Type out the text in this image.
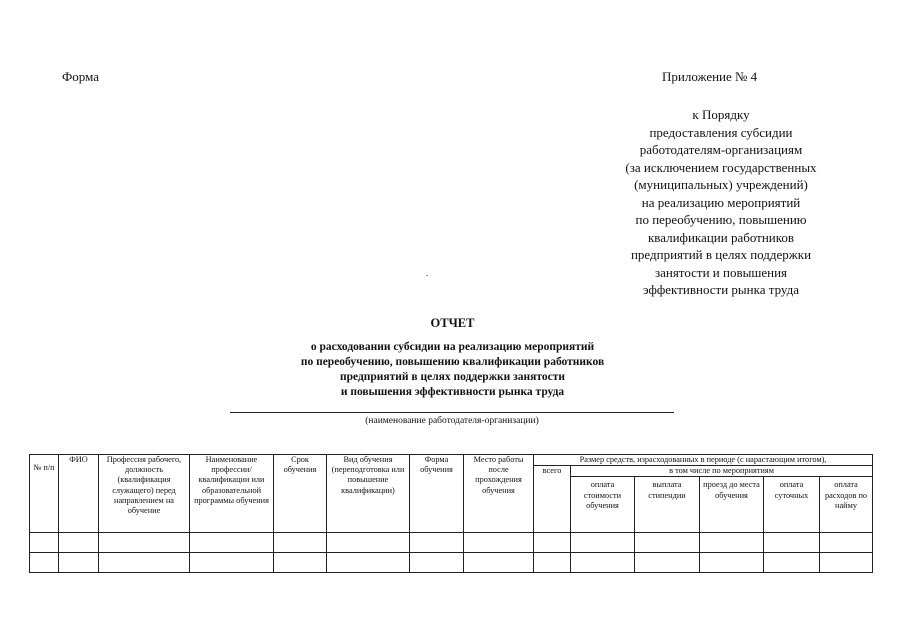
Форма	Приложение № 4
к Порядку
предоставления субсидии
работодателям-организациям
(за исключением государственных
(муниципальных) учреждений)
на реализацию мероприятий
по переобучению, повышению
квалификации работников
предприятий в целях поддержки
занятости и повышения
эффективности рынка труда
ОТЧЕТ
о расходовании субсидии на реализацию мероприятий
по переобучению, повышению квалификации работников
предприятий в целях поддержки занятости
и повышения эффективности рынка труда
(наименование работодателя-организации)
№ п/п	ФИО	Профессия рабочего, должность (квалификация служащего) перед направлением на обучение	Наименование профессии/ квалификации или образовательной программы обучения	Срок обучения	Вид обучения (переподготовка или повышение квалификации)	Форма обучения	Место работы после прохождения обучения	Размер средств, израсходованных в периоде (с нарастающим итогом),					
								всего	в том числе по мероприятиям				
									оплата стоимости обучения	выплата стипендии	проезд до места обучения	оплата суточных	оплата расходов по найму
